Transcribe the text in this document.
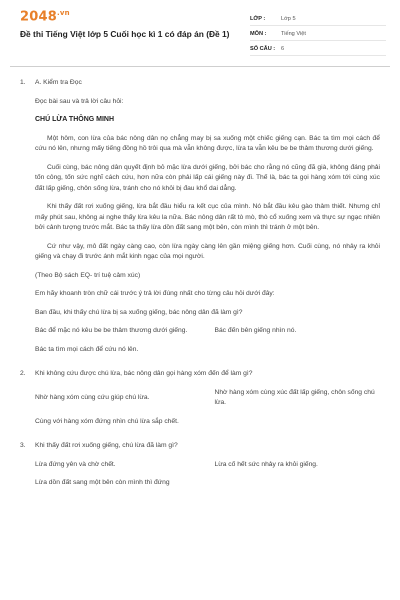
$2048^{.vn}$
Đề thi Tiếng Việt lớp 5 Cuối học kì 1 có đáp án (Đề 1)
LỚP :	Lớp 5
MÔN :	Tiếng Việt
SỐ CÂU :	6
1.	A. Kiểm tra Đọc

Đọc bài sau và trả lời câu hỏi:

CHÚ LỪA THÔNG MINH

Một hôm, con lừa của bác nông dân nọ chẳng may bị sa xuống một chiếc giếng cạn. Bác ta tìm mọi cách để cứu nó lên, nhưng mấy tiếng đồng hồ trôi qua mà vẫn không được, lừa ta vẫn kêu be be thảm thương dưới giếng.

Cuối cùng, bác nông dân quyết định bỏ mặc lừa dưới giếng, bởi bác cho rằng nó cũng đã già, không đáng phải tốn công, tốn sức nghĩ cách cứu, hơn nữa còn phải lấp cái giếng này đi. Thế là, bác ta gọi hàng xóm tới cùng xúc đất lấp giếng, chôn sống lừa, tránh cho nó khỏi bị đau khổ dai dẳng.

Khi thấy đất rơi xuống giếng, lừa bắt đầu hiểu ra kết cục của mình. Nó bắt đầu kêu gào thảm thiết. Nhưng chỉ mấy phút sau, không ai nghe thấy lừa kêu la nữa. Bác nông dân rất tò mò, thò cổ xuống xem và thực sự ngạc nhiên bởi cảnh tượng trước mắt. Bác ta thấy lừa dồn đất sang một bên, còn mình thì tránh ở một bên.

Cứ như vậy, mô đất ngày càng cao, còn lừa ngày càng lên gần miệng giếng hơn. Cuối cùng, nó nhảy ra khỏi giếng và chạy đi trước ánh mắt kinh ngạc của mọi người.

(Theo Bộ sách EQ- trí tuệ cảm xúc)

Em hãy khoanh tròn chữ cái trước ý trả lời đúng nhất cho từng câu hỏi dưới đây:

Ban đầu, khi thấy chú lừa bị sa xuống giếng, bác nông dân đã làm gì?

Bác để mặc nó kêu be be thảm thương dưới giếng.	Bác đến bên giếng nhìn nó.
Bác ta tìm mọi cách để cứu nó lên.
2.	Khi không cứu được chú lừa, bác nông dân gọi hàng xóm đến để làm gì?
Nhờ hàng xóm cùng cứu giúp chú lừa.
Nhờ hàng xóm cùng xúc đất lấp giếng, chôn sống chú lừa.
Cùng với hàng xóm đứng nhìn chú lừa sắp chết.
3.	Khi thấy đất rơi xuống giếng, chú lừa đã làm gì?
Lừa đứng yên và chờ chết.	Lừa cố hết sức nhảy ra khỏi giếng.
Lừa dồn đất sang một bên còn mình thì đứng
